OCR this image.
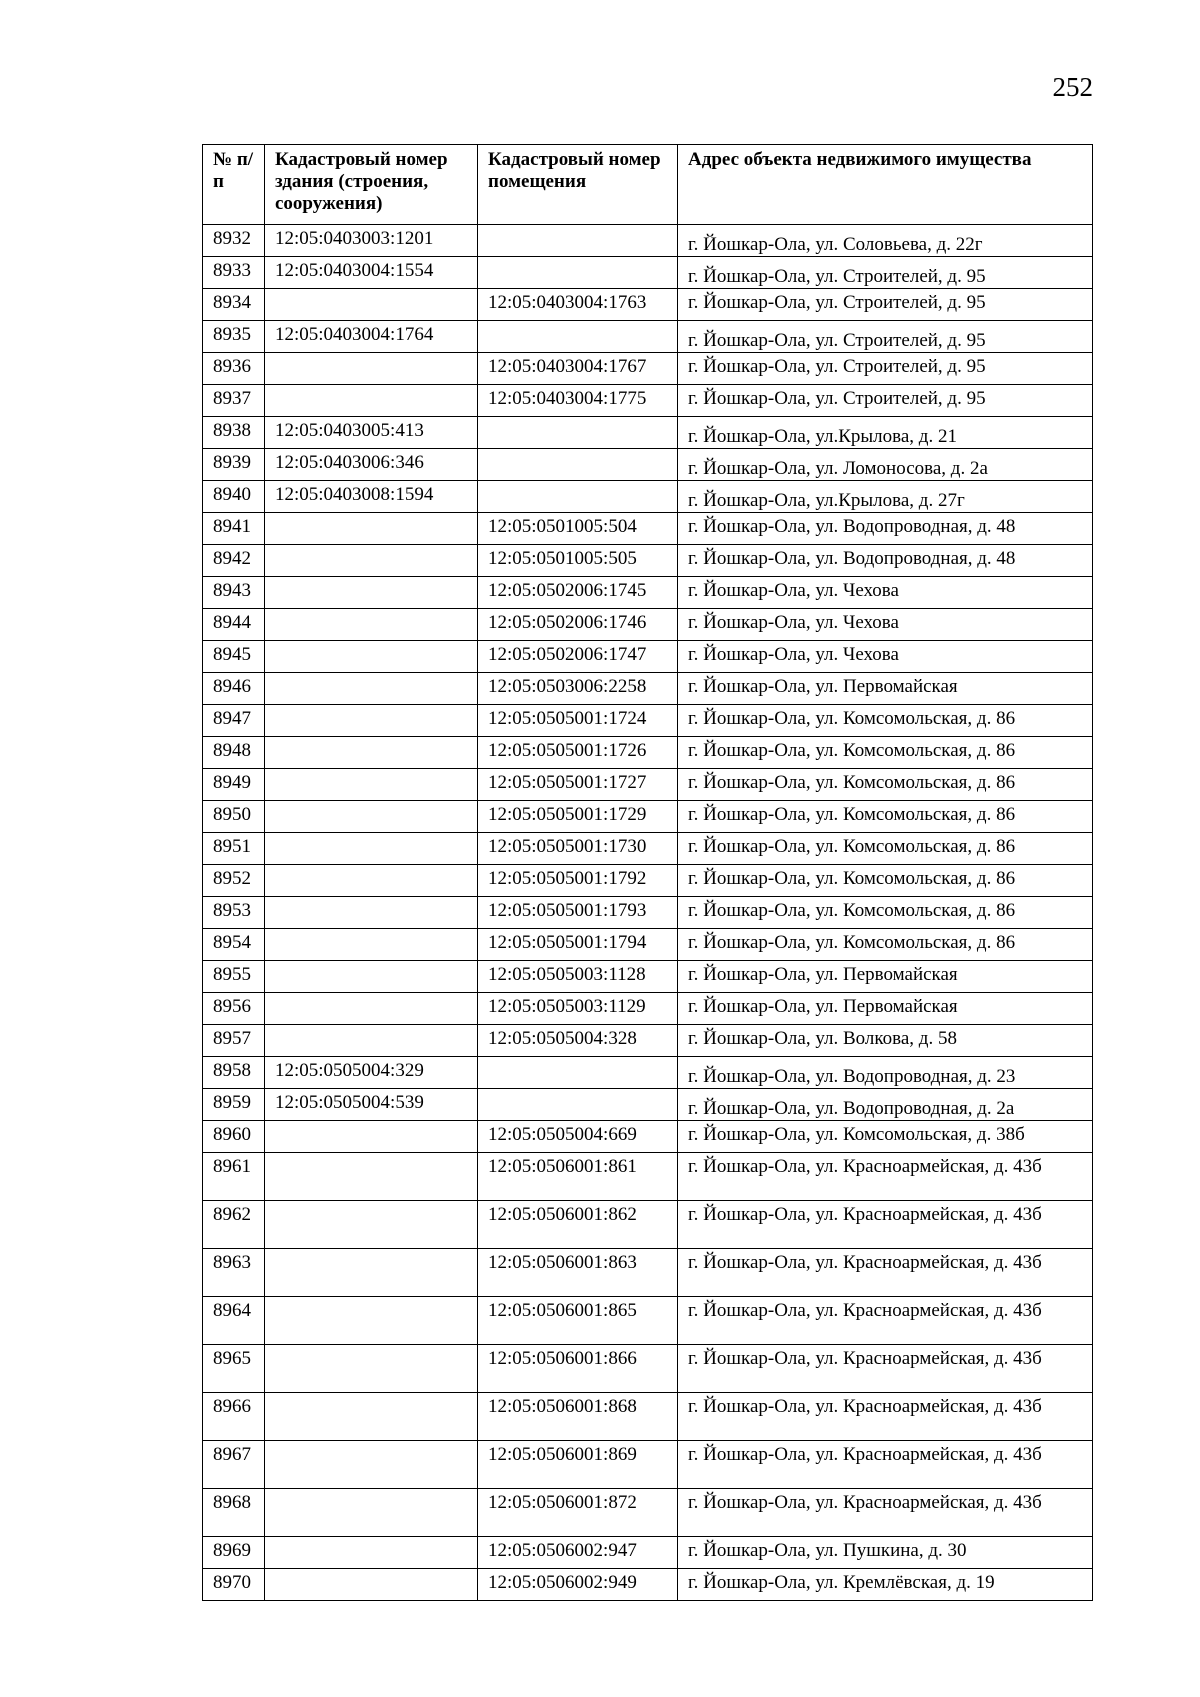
252
№ п/п	Кадастровый номер здания (строения, сооружения)	Кадастровый номер помещения	Адрес объекта недвижимого имущества
8932	12:05:0403003:1201		г. Йошкар-Ола, ул. Соловьева, д. 22г
8933	12:05:0403004:1554		г. Йошкар-Ола, ул. Строителей, д. 95
8934		12:05:0403004:1763	г. Йошкар-Ола, ул. Строителей, д. 95
8935	12:05:0403004:1764		г. Йошкар-Ола, ул. Строителей, д. 95
8936		12:05:0403004:1767	г. Йошкар-Ола, ул. Строителей, д. 95
8937		12:05:0403004:1775	г. Йошкар-Ола, ул. Строителей, д. 95
8938	12:05:0403005:413		г. Йошкар-Ола, ул.Крылова, д. 21
8939	12:05:0403006:346		г. Йошкар-Ола, ул. Ломоносова, д. 2а
8940	12:05:0403008:1594		г. Йошкар-Ола, ул.Крылова, д. 27г
8941		12:05:0501005:504	г. Йошкар-Ола, ул. Водопроводная, д. 48
8942		12:05:0501005:505	г. Йошкар-Ола, ул. Водопроводная, д. 48
8943		12:05:0502006:1745	г. Йошкар-Ола, ул. Чехова
8944		12:05:0502006:1746	г. Йошкар-Ола, ул. Чехова
8945		12:05:0502006:1747	г. Йошкар-Ола, ул. Чехова
8946		12:05:0503006:2258	г. Йошкар-Ола, ул. Первомайская
8947		12:05:0505001:1724	г. Йошкар-Ола, ул. Комсомольская, д. 86
8948		12:05:0505001:1726	г. Йошкар-Ола, ул. Комсомольская, д. 86
8949		12:05:0505001:1727	г. Йошкар-Ола, ул. Комсомольская, д. 86
8950		12:05:0505001:1729	г. Йошкар-Ола, ул. Комсомольская, д. 86
8951		12:05:0505001:1730	г. Йошкар-Ола, ул. Комсомольская, д. 86
8952		12:05:0505001:1792	г. Йошкар-Ола, ул. Комсомольская, д. 86
8953		12:05:0505001:1793	г. Йошкар-Ола, ул. Комсомольская, д. 86
8954		12:05:0505001:1794	г. Йошкар-Ола, ул. Комсомольская, д. 86
8955		12:05:0505003:1128	г. Йошкар-Ола, ул. Первомайская
8956		12:05:0505003:1129	г. Йошкар-Ола, ул. Первомайская
8957		12:05:0505004:328	г. Йошкар-Ола, ул. Волкова, д. 58
8958	12:05:0505004:329		г. Йошкар-Ола, ул. Водопроводная, д. 23
8959	12:05:0505004:539		г. Йошкар-Ола, ул. Водопроводная, д. 2а
8960		12:05:0505004:669	г. Йошкар-Ола, ул. Комсомольская, д. 38б
8961		12:05:0506001:861	г. Йошкар-Ола, ул. Красноармейская, д. 43б
8962		12:05:0506001:862	г. Йошкар-Ола, ул. Красноармейская, д. 43б
8963		12:05:0506001:863	г. Йошкар-Ола, ул. Красноармейская, д. 43б
8964		12:05:0506001:865	г. Йошкар-Ола, ул. Красноармейская, д. 43б
8965		12:05:0506001:866	г. Йошкар-Ола, ул. Красноармейская, д. 43б
8966		12:05:0506001:868	г. Йошкар-Ола, ул. Красноармейская, д. 43б
8967		12:05:0506001:869	г. Йошкар-Ола, ул. Красноармейская, д. 43б
8968		12:05:0506001:872	г. Йошкар-Ола, ул. Красноармейская, д. 43б
8969		12:05:0506002:947	г. Йошкар-Ола, ул. Пушкина, д. 30
8970		12:05:0506002:949	г. Йошкар-Ола, ул. Кремлёвская, д. 19
